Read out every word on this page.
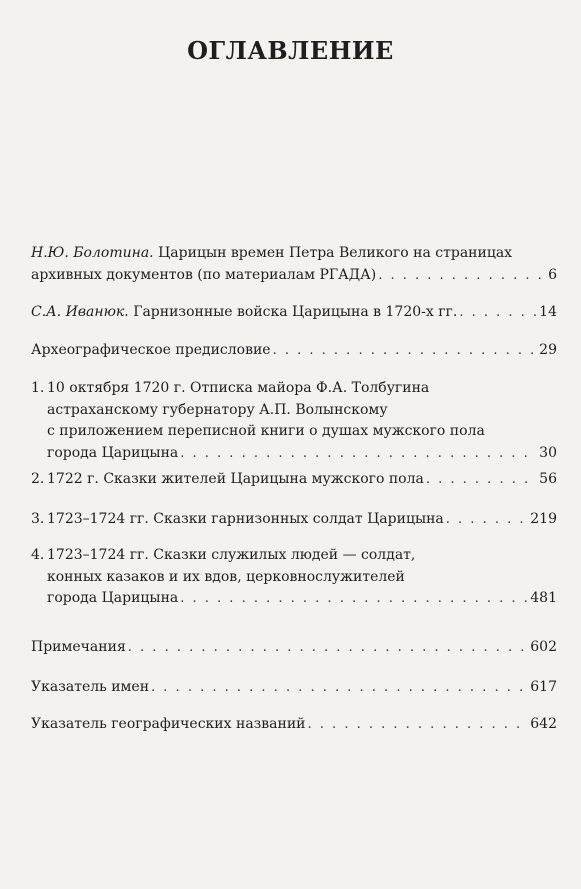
ОГЛАВЛЕНИЕ
Н.Ю. Болотина.
Царицын времен Петра Великого на страницах
архивных документов (по материалам РГАДА) . . .	6
С.А. Иванюк.
Гарнизонные войска Царицына в 1720-х гг. . . .	14
Археографическое предисловие . . .	29
1. 10 октября 1720 г. Отписка майора Ф.А. Толбугина
астраханскому губернатору А.П. Волынскому
с приложением переписной книги о душах мужского пола
города Царицына . . .	30
2. 1722 г. Сказки жителей Царицына мужского пола . . .	56
3. 1723–1724 гг. Сказки гарнизонных солдат Царицына . . .	219
4. 1723–1724 гг. Сказки служилых людей — солдат,
конных казаков и их вдов, церковнослужителей
города Царицына . . .	481
Примечания . . .	602
Указатель имен . . .	617
Указатель географических названий . . .	642
